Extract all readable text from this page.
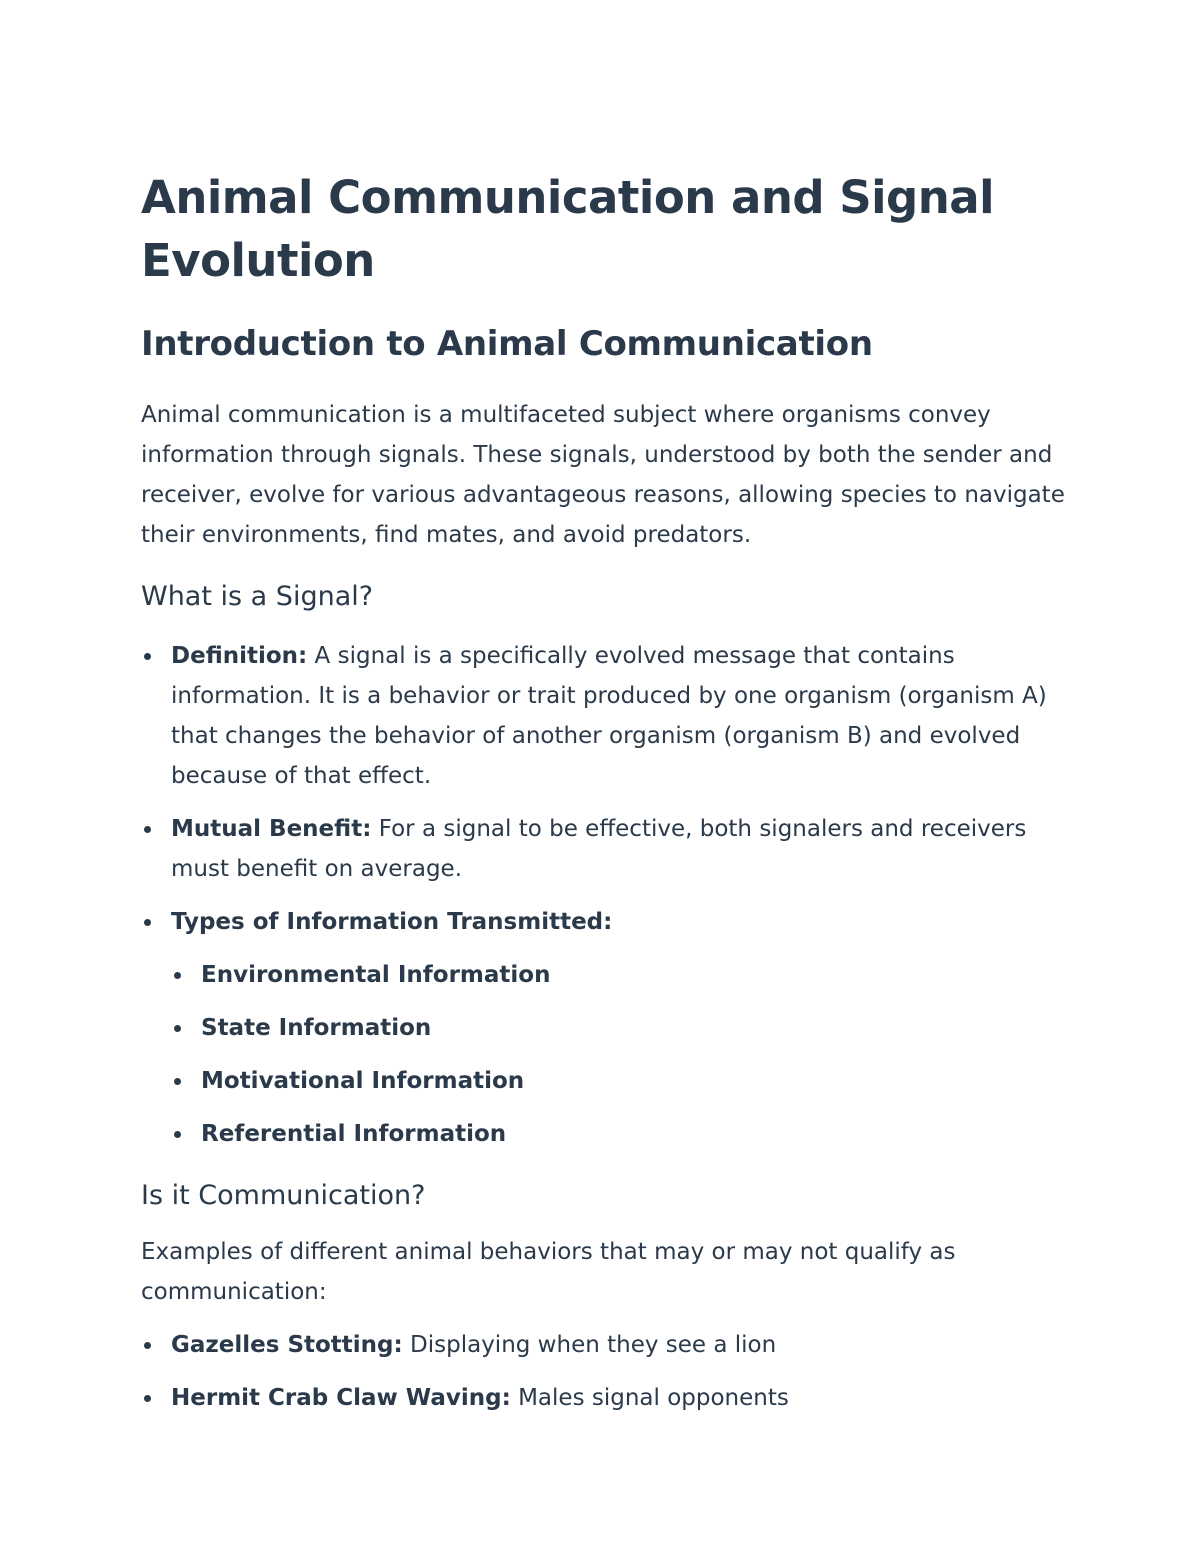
Animal Communication and Signal Evolution
Introduction to Animal Communication

Animal communication is a multifaceted subject where organisms convey information through signals. These signals, understood by both the sender and receiver, evolve for various advantageous reasons, allowing species to navigate their environments, find mates, and avoid predators.

What is a Signal?
Definition: A signal is a specifically evolved message that contains information. It is a behavior or trait produced by one organism (organism A) that changes the behavior of another organism (organism B) and evolved because of that effect.
Mutual Benefit: For a signal to be effective, both signalers and receivers must benefit on average.
Types of Information Transmitted:
Environmental Information
State Information
Motivational Information
Referential Information
Is it Communication?

Examples of different animal behaviors that may or may not qualify as communication:

Gazelles Stotting: Displaying when they see a lion
Hermit Crab Claw Waving: Males signal opponents
